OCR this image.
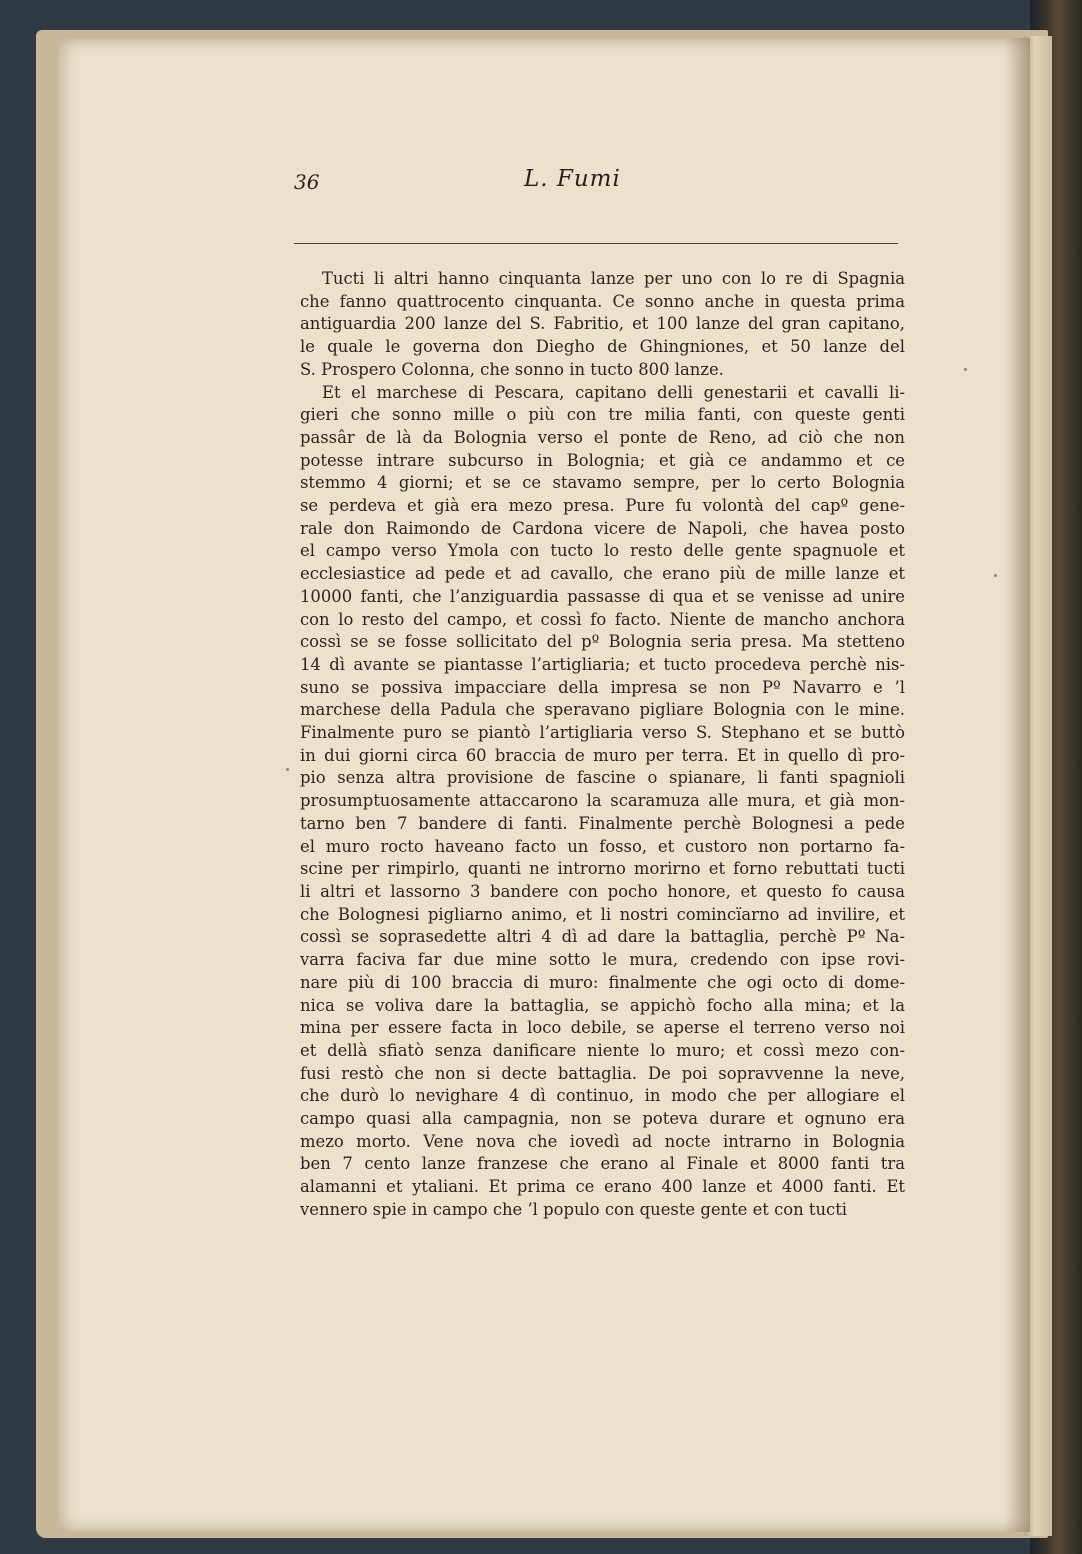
36	L. Fumi
Tucti li altri hanno cinquanta lanze per uno con lo re di Spagnia
che fanno quattrocento cinquanta. Ce sonno anche in questa prima
antiguardia 200 lanze del S. Fabritio, et 100 lanze del gran capitano,
le quale le governa don Diegho de Ghingniones, et 50 lanze del
S. Prospero Colonna, che sonno in tucto 800 lanze.
Et el marchese di Pescara, capitano delli genestarii et cavalli li-
gieri che sonno mille o più con tre milia fanti, con queste genti
passâr de là da Bolognia verso el ponte de Reno, ad ciò che non
potesse intrare subcurso in Bolognia; et già ce andammo et ce
stemmo 4 giorni; et se ce stavamo sempre, per lo certo Bolognia
se perdeva et già era mezo presa. Pure fu volontà del capº gene-
rale don Raimondo de Cardona vicere de Napoli, che havea posto
el campo verso Ymola con tucto lo resto delle gente spagnuole et
ecclesiastice ad pede et ad cavallo, che erano più de mille lanze et
10000 fanti, che l’anziguardia passasse di qua et se venisse ad unire
con lo resto del campo, et cossì fo facto. Niente de mancho anchora
cossì se se fosse sollicitato del pº Bolognia seria presa. Ma stetteno
14 dì avante se piantasse l’artigliaria; et tucto procedeva perchè nis-
suno se possiva impacciare della impresa se non Pº Navarro e ’l
marchese della Padula che speravano pigliare Bolognia con le mine.
Finalmente puro se piantò l’artigliaria verso S. Stephano et se buttò
in dui giorni circa 60 braccia de muro per terra. Et in quello dì pro-
pio senza altra provisione de fascine o spianare, li fanti spagnioli
prosumptuosamente attaccarono la scaramuza alle mura, et già mon-
tarno ben 7 bandere di fanti. Finalmente perchè Bolognesi a pede
el muro rocto haveano facto un fosso, et custoro non portarno fa-
scine per rimpirlo, quanti ne introrno morirno et forno rebuttati tucti
li altri et lassorno 3 bandere con pocho honore, et questo fo causa
che Bolognesi pigliarno animo, et li nostri comincïarno ad invilire, et
cossì se soprasedette altri 4 dì ad dare la battaglia, perchè Pº Na-
varra faciva far due mine sotto le mura, credendo con ipse rovi-
nare più di 100 braccia di muro: finalmente che ogi octo di dome-
nica se voliva dare la battaglia, se appichò focho alla mina; et la
mina per essere facta in loco debile, se aperse el terreno verso noi
et dellà sfiatò senza danificare niente lo muro; et cossì mezo con-
fusi restò che non si decte battaglia. De poi sopravvenne la neve,
che durò lo nevighare 4 dì continuo, in modo che per allogiare el
campo quasi alla campagnia, non se poteva durare et ognuno era
mezo morto. Vene nova che iovedì ad nocte intrarno in Bolognia
ben 7 cento lanze franzese che erano al Finale et 8000 fanti tra
alamanni et ytaliani. Et prima ce erano 400 lanze et 4000 fanti. Et
vennero spie in campo che ’l populo con queste gente et con tucti
